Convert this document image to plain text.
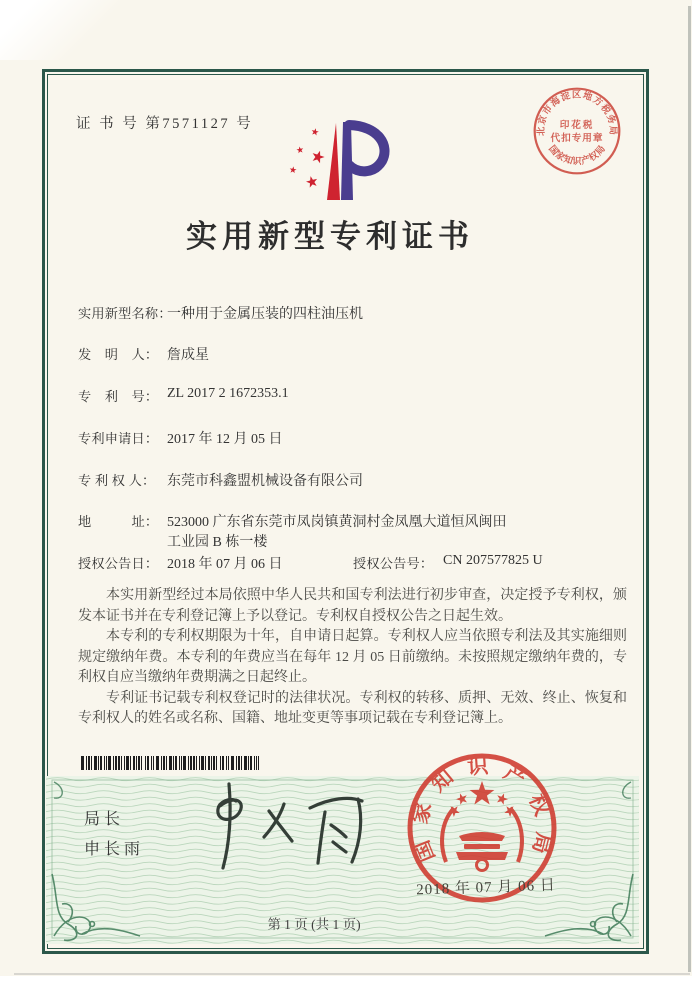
证 书 号 第7571127 号
实用新型专利证书
实用新型名称：一种用于金属压装的四柱油压机
发　明　人： 詹成星
专　利　号： ZL 2017 2 1672353.1
专利申请日： 2017 年 12 月 05 日
专 利 权 人： 东莞市科鑫盟机械设备有限公司
地　　　址： 523000 广东省东莞市凤岗镇黄洞村金凤凰大道恒风闽田
工业园 B 栋一楼
授权公告日： 2018 年 07 月 06 日	授权公告号： CN 207577825 U

本实用新型经过本局依照中华人民共和国专利法进行初步审查，决定授予专利权，颁发本证书并在专利登记簿上予以登记。专利权自授权公告之日起生效。

本专利的专利权期限为十年，自申请日起算。专利权人应当依照专利法及其实施细则规定缴纳年费。本专利的年费应当在每年 12 月 05 日前缴纳。未按照规定缴纳年费的，专利权自应当缴纳年费期满之日起终止。

专利证书记载专利权登记时的法律状况。专利权的转移、质押、无效、终止、恢复和专利权人的姓名或名称、国籍、地址变更等事项记载在专利登记簿上。

局长
申长雨	国家知识产权局
2018 年 07 月 06 日
北京市海淀区地方税务局
国家知识产权局
印花税
代扣专用章
第 1 页 (共 1 页)
